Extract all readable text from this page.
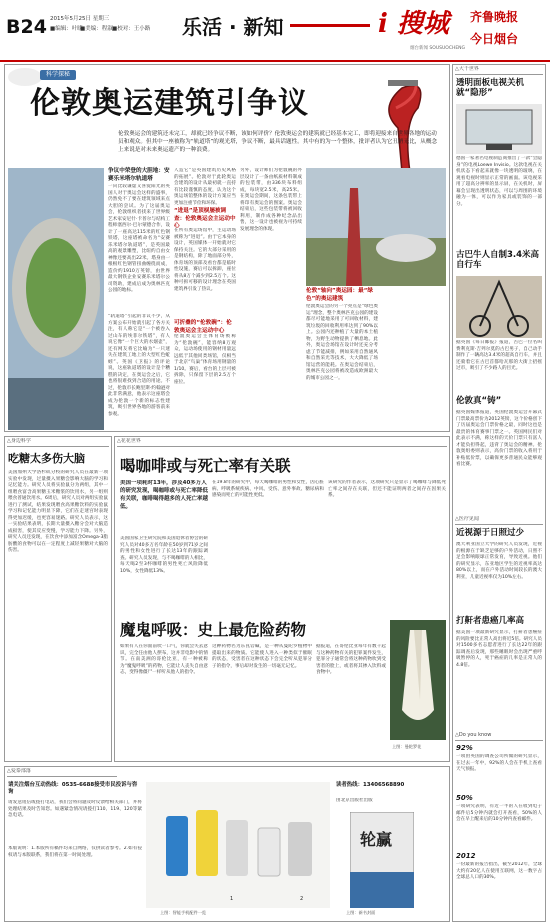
B24 2015年5月25日 星期三
■编辑：叶晓
■美编：程淑 ■校对：王小路 乐活 · 新知	i 搜城
烟台新闻 SOUSUOCHENG
齐鲁晚报
今日烟台
科学探秘
伦敦奥运建筑引争议
伦敦奥运会的建筑还未完工，却就已经争议不断，该如何评价？伦敦奥运会的建筑就已经基本完工，即将迎接来自世界各地的运动员和观众。但其中一座被称为“轨道塔”的观光塔，争议不断，最具话题性。其中有的为一个整体，批评者认为它丑陋无比，从概念上来说是对未来奥运遗产的一种浪费。
争议中荣登的大胆地：安赛乐米塔尔轨道塔
一向比较谦虚又喜爱阳光的英国人对于奥运会这样的盛事，仍然免不了要在建筑领域来点大胆的尝试。为了这届奥运会，伦敦组织者找来了世界级艺术家安尼什·卡普尔与结构工程师塞西尔·巴尔蒙德合作，设计了一座高达115米的红色钢铁塔，这座塔被命名为“安赛乐米塔尔轨道塔”，是英国最高的观景雕塑，比纽约自由女神像还要高出22米。塔身由一根根红色钢管扭曲缠绕而成，造价约1910万英镑，由世界最大钢铁企业安赛乐米塔尔公司资助，建成后成为奥林匹克公园的地标。
“轨道塔”引起的非议不少，从方案公布开始就引起了各方关注，有人称它是“一个被卷入过山车的埃菲尔铁塔”，有人说它像“一个巨大的水烟壶”，还有网友将它比喻为“一只迷失在建筑工地上的大型红色蚯蚓”。英国《卫报》的评论说，这座轨道塔的设计是个糟糕的决定，在奥运会之后，它也将很难找到合适的用途。不过，伦敦市长鲍里斯·约翰逊对此非常满意，他表示这座塔会成为伦敦一个新的标志性建筑，吸引世界各地的游客前来参观。
人造它“是英国建筑历史风格的拓展”。伦敦对于此轮奥运会建筑的设计从最初就一直持有比较谨慎的态度，认为这个奥运场馆整体的设计方案应当更加注重节俭和环保。
“进退”是顶棂屡被调查：伦敦奥运会主运动中心
在所有奥运场馆中，主运动场被称为“进退”。由于它本身的设计，英国媒体一开始就对它保持关注。它的大部分采用的是钢结构，除了地面部分外，体育场的顶部及看台都是临时性设施，赛后可以拆卸，座位将从8万个减少到2.5万个。这种可拆可移的设计理念在英国建筑界引发了热议。
可折叠的“伦敦碗”：伦敦奥运会主运动中心
伦敦奥运会主体育场被称为“伦敦碗”，能容纳8万观众，运动场使用的钢材用量远远低于其他同类场馆，仅相当于北京“鸟巢”体育场用钢量的1/10。赛后，看台的上层可被拆除，只保留下层的2.5万个座位。
另外，设计师们为伦敦碗的外层设计了一条由纸质材料制成的包装带，由336块布料组成，每块宽2.5米，高25米。在奥运会期间，这条包装带上将印有奥运会的图案。奥运会结束后，这些包装带将被回收利用，制作成各种纪念品出售，这一设计也被视为可持续发展理念的体现。
伦敦“轴向”奥运园：最“绿色”的奥运建筑
伦敦奥运会的另一个亮点是“绿色奥运”理念，整个奥林匹克公园的建设都尽可能地采用了可回收材料，建筑垃圾的回收利用率达到了90%以上。公园内还种植了大量的本土植物，为野生动物提供了栖息地。此外，奥运会场馆在设计时还充分考虑了节能减排，例如采用自然通风和自然采光等技术，大大降低了场馆运营的能耗。在奥运会结束后，奥林匹克公园将被改造成欧洲最大的城市公园之一。
△大千世界
透明面板电视关机就“隐形”
德国一家著名电视制造商推出了一款“会隐身”的电视Loewe Invisio。这款电视在关机状态下看起来就像一块透明的玻璃，在观看电视时则显示正常的画面。该电视采用了超高分辨率的显示屏，在关机时，屏幕会呈现出透明状态，可以与周围的环境融为一体，可以作为家具或装饰的一部分。
古巴牛人自制3.4米高自行车
据英国《每日邮报》报道，古巴一位名叫费利克斯·吉列尔莫的古巴男子，自己动手制作了一辆高达3.4米的超高自行车，并且还骑着它在古巴首都哈瓦那的大街上招摇过市，吸引了不少路人的目光。
伦敦真“铸”
据英国媒体报道，英国伦敦奥运会开幕式门票最高票价为2012英镑，这个价格创下了历届奥运会门票价格之最，同时这也是最贵的体育赛事门票之一。英国网民们对此表示不满，称这样的天价门票只有富人才能负担得起，违背了奥运会的精神。伦敦奥组委则表示，高价门票的收入将用于补贴低价票，以确保更多普通民众能够观看比赛。
△医疗见闻
近视源于日照过少
澳大利亚国立大学的研究人员发现，近视的根源在于缺乏足够的户外活动，日照不足会影响眼球正常发育，导致近视。他们的研究显示，东亚地区学生的近视率高达80%以上，而在户外活动时间较长的澳大利亚，儿童近视率仅为10%左右。
打鼾者患癌几率高
据美国一项最新研究显示，打鼾者患癌症的风险要比正常人高出将近5倍。研究人员对1500多名志愿者进行了长达22年的跟踪调查后发现，那些睡眠时会出现严重呼吸暂停的人，死于癌症的几率是正常人的4.8倍。
△Do you know
92%
一项由英国的调查公司所做的研究显示，在过去一年中，92%的人会在手机上查看天气预报。
50%
一项研究表明，有近一半的人在收到电子邮件后5分钟内就会打开查看，50%的人会在早上醒来后的10分钟内查看邮件。
2012
一份最新的报告指出，截至2012年，全球大约有20亿人在使用互联网，这一数字占全球总人口的30%。
△身边科学
吃糖太多伤大脑
美国加州大学洛杉矶分校的研究人员在最新一项实验中发现，过量摄入果糖会影响大脑的学习和记忆能力。研究人员将实验鼠分为两组，其中一组喂食富含高果糖玉米糖浆的饮用水，另一组则喂食普通饮用水。6周后，研究人员对两组实验鼠进行了测试，结果发现喂食高果糖饮料的实验鼠学习和记忆能力明显下降，它们在走迷宫时表现得更加迟缓，也更容易迷路。研究人员表示，这一实验结果表明，长期大量摄入糖分会对大脑造成损害，使其反应变慢，学习能力下降。另外，研究人员还发现，在饮食中添加富含Omega-3脂肪酸的食物可以在一定程度上减轻果糖对大脑的伤害。
△花花世界
喝咖啡或与死亡率有关联
美国一项耗时13年，涉及40多万人的研究发现，喝咖啡或与死亡率降低有关联，咖啡喝得越多的人死亡率越低。
美国国家卫生研究院和美国退休者协会的研究人员对40多万名年龄在50岁到71岁之间的男性和女性进行了长达13年的跟踪调查。研究人员发现，与不喝咖啡的人相比，每天喝2至3杯咖啡的男性死亡风险降低10%，女性降低13%。
在19.8年的研究中，每天喝咖啡的男性和女性，因心脏病、呼吸系统疾病、中风、受伤、意外事故、糖尿病和感染而死亡的可能性更低。
该研究的作者表示，这项研究只是显示了喝咖啡与降低死亡率之间存在关联，但还不能证明两者之间存在因果关系。
魔鬼呼吸：史上最危险药物
如果有人在你面前吹一口气，你就会失去意识，完全任由他人摆布，这并非电影中的情节。在南美洲的哥伦比亚，有一种被称为“魔鬼呼吸”的药物，它能让人丧失自由意志，变得像僵尸一样听从他人的指令。
这种药物名为东莨菪碱，是一种从曼陀罗植物中提取出来的物质。它能使人进入一种类似于催眠的状态，受害者在这种状态下会完全听从犯罪分子的指令，事后却对发生的一切毫无记忆。
据报道，在哥伦比亚每年有数千起与这种药物有关的犯罪案件发生，犯罪分子通常会将这种药物吹到受害者的脸上，或者将其掺入饮料或食物中。
上图：曼陀罗花
△爱泰部落
请关注烟台互动热线：0535-6688接受市民投诉与咨询
请发送短信或拨打电话，我们会将问题及时反馈给相关部门，并将处理结果及时告知您。如遇紧急情况请拨打110、119、120等紧急电话。
本版说明：1.本版所有稿件均来自网络，仅供读者参考。2.如有侵权请与本版联系，我们将在第一时间处理。
1	2
上图：智能手机配件一览
读者热线：13406568890
由北京出版社出版
轮赢
上图：新书封面
